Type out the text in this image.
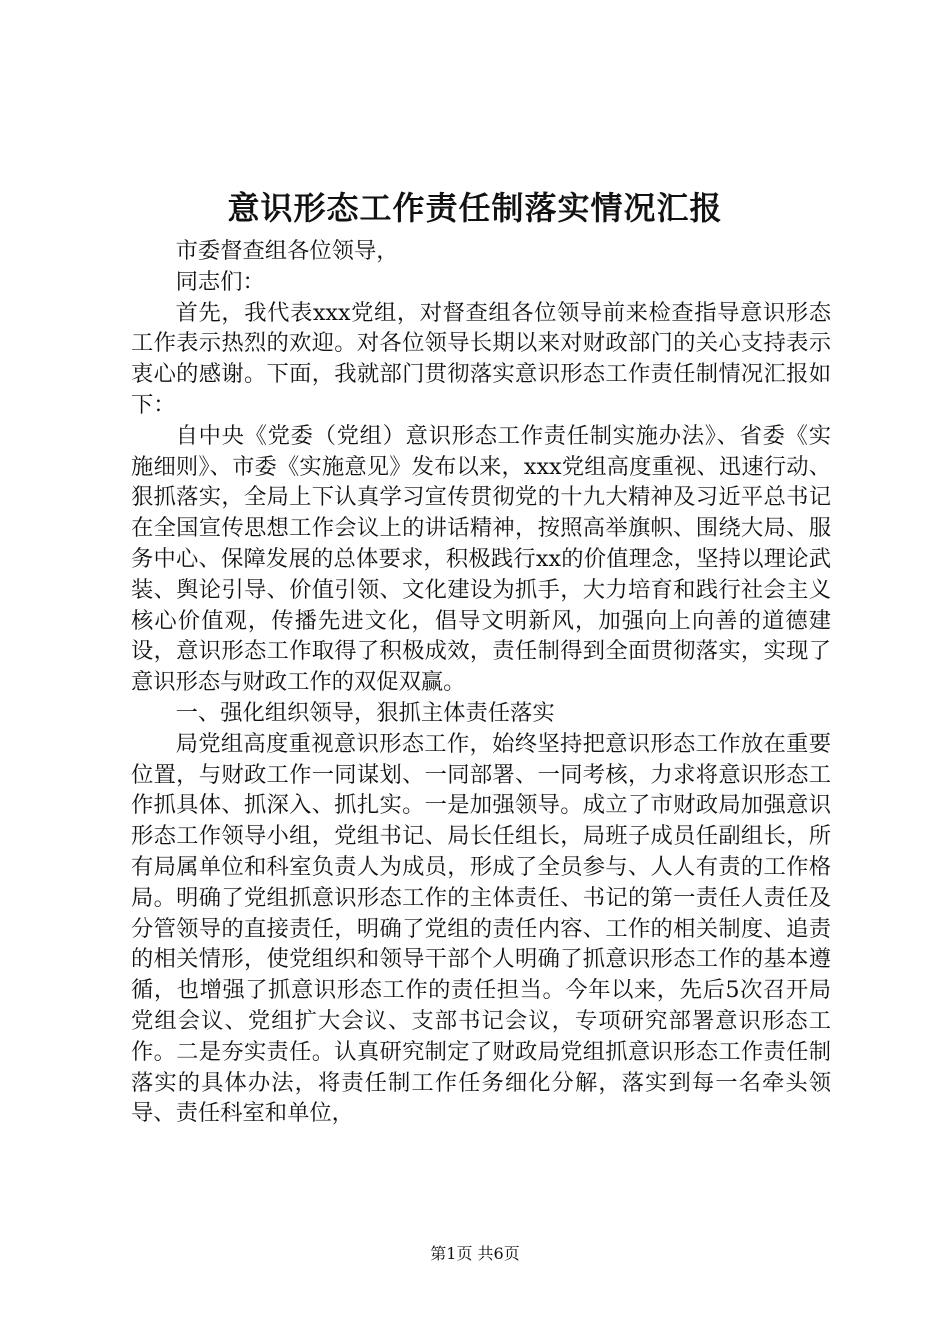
意识形态工作责任制落实情况汇报

市委督查组各位领导，

同志们：

首先，我代表xxx党组，对督查组各位领导前来检查指导意识形态工作表示热烈的欢迎。对各位领导长期以来对财政部门的关心支持表示衷心的感谢。下面，我就部门贯彻落实意识形态工作责任制情况汇报如下：

自中央《党委（党组）意识形态工作责任制实施办法》、省委《实施细则》、市委《实施意见》发布以来，xxx党组高度重视、迅速行动、狠抓落实，全局上下认真学习宣传贯彻党的十九大精神及习近平总书记在全国宣传思想工作会议上的讲话精神，按照高举旗帜、围绕大局、服务中心、保障发展的总体要求，积极践行xx的价值理念，坚持以理论武装、舆论引导、价值引领、文化建设为抓手，大力培育和践行社会主义核心价值观，传播先进文化，倡导文明新风，加强向上向善的道德建设，意识形态工作取得了积极成效，责任制得到全面贯彻落实，实现了意识形态与财政工作的双促双赢。

一、强化组织领导，狠抓主体责任落实

局党组高度重视意识形态工作，始终坚持把意识形态工作放在重要位置，与财政工作一同谋划、一同部署、一同考核，力求将意识形态工作抓具体、抓深入、抓扎实。一是加强领导。成立了市财政局加强意识形态工作领导小组，党组书记、局长任组长，局班子成员任副组长，所有局属单位和科室负责人为成员，形成了全员参与、人人有责的工作格局。明确了党组抓意识形态工作的主体责任、书记的第一责任人责任及分管领导的直接责任，明确了党组的责任内容、工作的相关制度、追责的相关情形，使党组织和领导干部个人明确了抓意识形态工作的基本遵循，也增强了抓意识形态工作的责任担当。今年以来，先后5次召开局党组会议、党组扩大会议、支部书记会议，专项研究部署意识形态工作。二是夯实责任。认真研究制定了财政局党组抓意识形态工作责任制落实的具体办法，将责任制工作任务细化分解，落实到每一名牵头领导、责任科室和单位，

第1页 共6页
